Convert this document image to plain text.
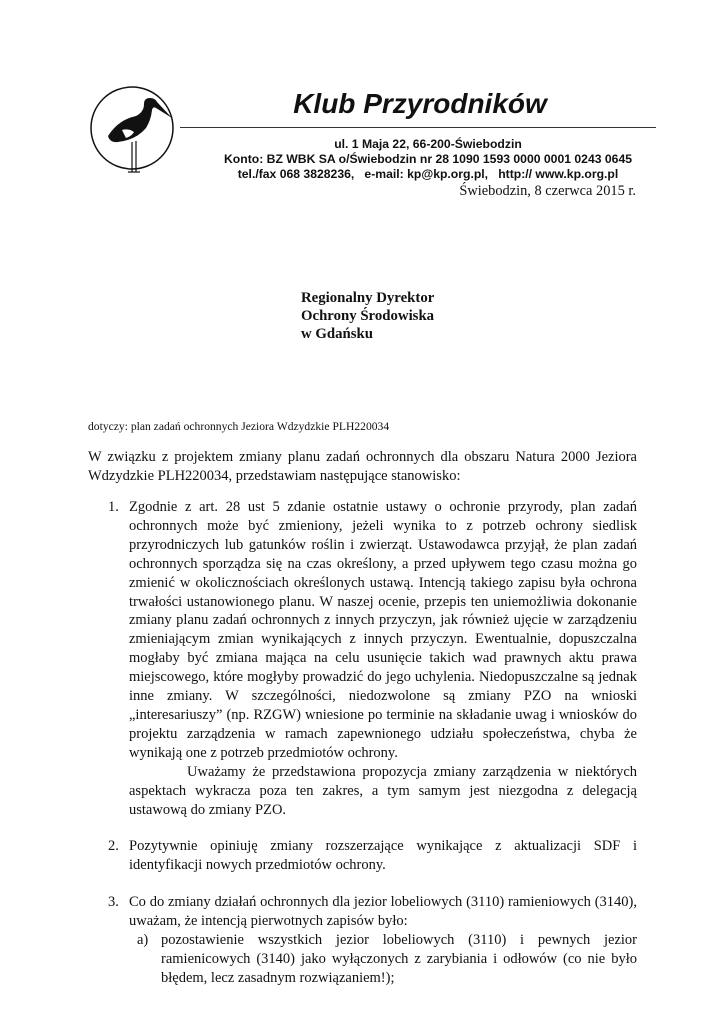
Klub Przyrodników
ul. 1 Maja 22, 66-200-Świebodzin
Konto: BZ WBK SA o/Świebodzin nr 28 1090 1593 0000 0001 0243 0645
tel./fax 068 3828236,   e-mail: kp@kp.org.pl,   http:// www.kp.org.pl
Świebodzin, 8 czerwca 2015 r.
Regionalny Dyrektor
Ochrony Środowiska
w Gdańsku
dotyczy: plan zadań ochronnych Jeziora Wdzydzkie PLH220034
W związku z projektem zmiany planu zadań ochronnych dla obszaru Natura 2000 Jeziora Wdzydzkie PLH220034, przedstawiam następujące stanowisko:
1. Zgodnie z art. 28 ust 5 zdanie ostatnie ustawy o ochronie przyrody, plan zadań ochronnych może być zmieniony, jeżeli wynika to z potrzeb ochrony siedlisk przyrodniczych lub gatunków roślin i zwierząt. Ustawodawca przyjął, że plan zadań ochronnych sporządza się na czas określony, a przed upływem tego czasu można go zmienić w okolicznościach określonych ustawą. Intencją takiego zapisu była ochrona trwałości ustanowionego planu. W naszej ocenie, przepis ten uniemożliwia dokonanie zmiany planu zadań ochronnych z innych przyczyn, jak również ujęcie w zarządzeniu zmieniającym zmian wynikających z innych przyczyn. Ewentualnie, dopuszczalna mogłaby być zmiana mająca na celu usunięcie takich wad prawnych aktu prawa miejscowego, które mogłyby prowadzić do jego uchylenia. Niedopuszczalne są jednak inne zmiany. W szczególności, niedozwolone są zmiany PZO na wnioski „interesariuszy” (np. RZGW) wniesione po terminie na składanie uwag i wniosków do projektu zarządzenia w ramach zapewnionego udziału społeczeństwa, chyba że wynikają one z potrzeb przedmiotów ochrony.
Uważamy że przedstawiona propozycja zmiany zarządzenia w niektórych aspektach wykracza poza ten zakres, a tym samym jest niezgodna z delegacją ustawową do zmiany PZO.
2. Pozytywnie opiniuję zmiany rozszerzające wynikające z aktualizacji SDF i identyfikacji nowych przedmiotów ochrony.
3. Co do zmiany działań ochronnych dla jezior lobeliowych (3110) ramieniowych (3140), uważam, że intencją pierwotnych zapisów było:
a) pozostawienie wszystkich jezior lobeliowych (3110) i pewnych jezior ramienicowych (3140) jako wyłączonych z zarybiania i odłowów (co nie było błędem, lecz zasadnym rozwiązaniem!);
